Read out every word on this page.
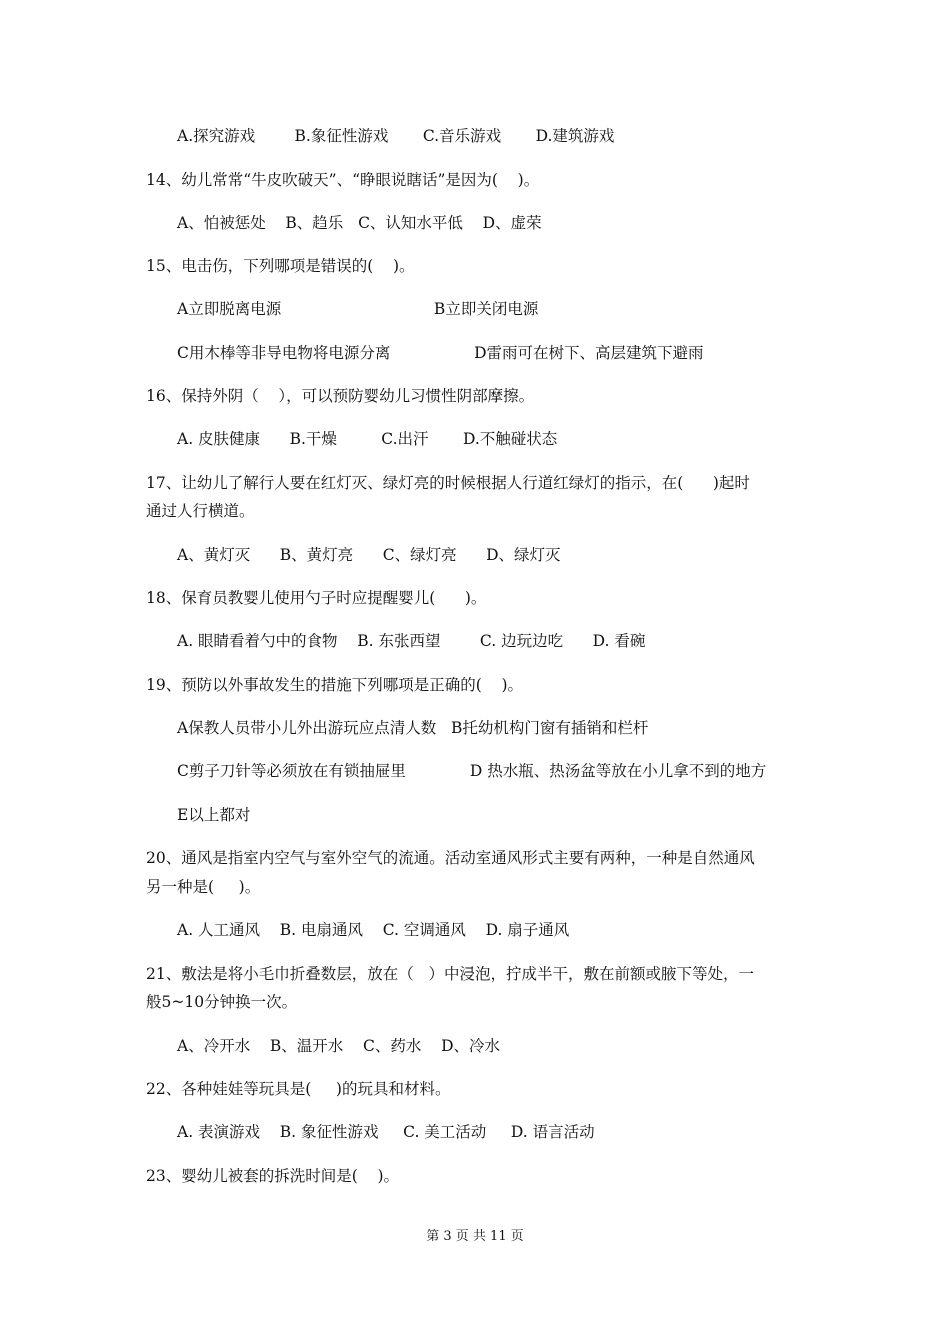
A.探究游戏        B.象征性游戏       C.音乐游戏       D.建筑游戏
14、幼儿常常“牛皮吹破天”、“睁眼说瞎话”是因为(    )。
A、怕被惩处    B、趋乐   C、认知水平低    D、虚荣
15、电击伤，下列哪项是错误的(    )。
A立即脱离电源                               B立即关闭电源
C用木棒等非导电物将电源分离                 D雷雨可在树下、高层建筑下避雨
16、保持外阴（    ），可以预防婴幼儿习惯性阴部摩擦。
A. 皮肤健康      B.干燥         C.出汗       D.不触碰状态
17、让幼儿了解行人要在红灯灭、绿灯亮的时候根据人行道红绿灯的指示，在(      )起时
通过人行横道。
A、黄灯灭      B、黄灯亮      C、绿灯亮      D、绿灯灭
18、保育员教婴儿使用勺子时应提醒婴儿(      )。
A. 眼睛看着勺中的食物    B. 东张西望        C. 边玩边吃      D. 看碗
19、预防以外事故发生的措施下列哪项是正确的(    )。
A保教人员带小儿外出游玩应点清人数   B托幼机构门窗有插销和栏杆
C剪子刀针等必须放在有锁抽屉里             D 热水瓶、热汤盆等放在小儿拿不到的地方
E以上都对
20、通风是指室内空气与室外空气的流通。活动室通风形式主要有两种，一种是自然通风
另一种是(     )。
A. 人工通风    B. 电扇通风    C. 空调通风    D. 扇子通风
21、敷法是将小毛巾折叠数层，放在（   ）中浸泡，拧成半干，敷在前额或腋下等处，一
般5~10分钟换一次。
A、冷开水    B、温开水    C、药水    D、冷水
22、各种娃娃等玩具是(     )的玩具和材料。
A. 表演游戏    B. 象征性游戏     C. 美工活动     D. 语言活动
23、婴幼儿被套的拆洗时间是(    )。
第 3 页 共 11 页
